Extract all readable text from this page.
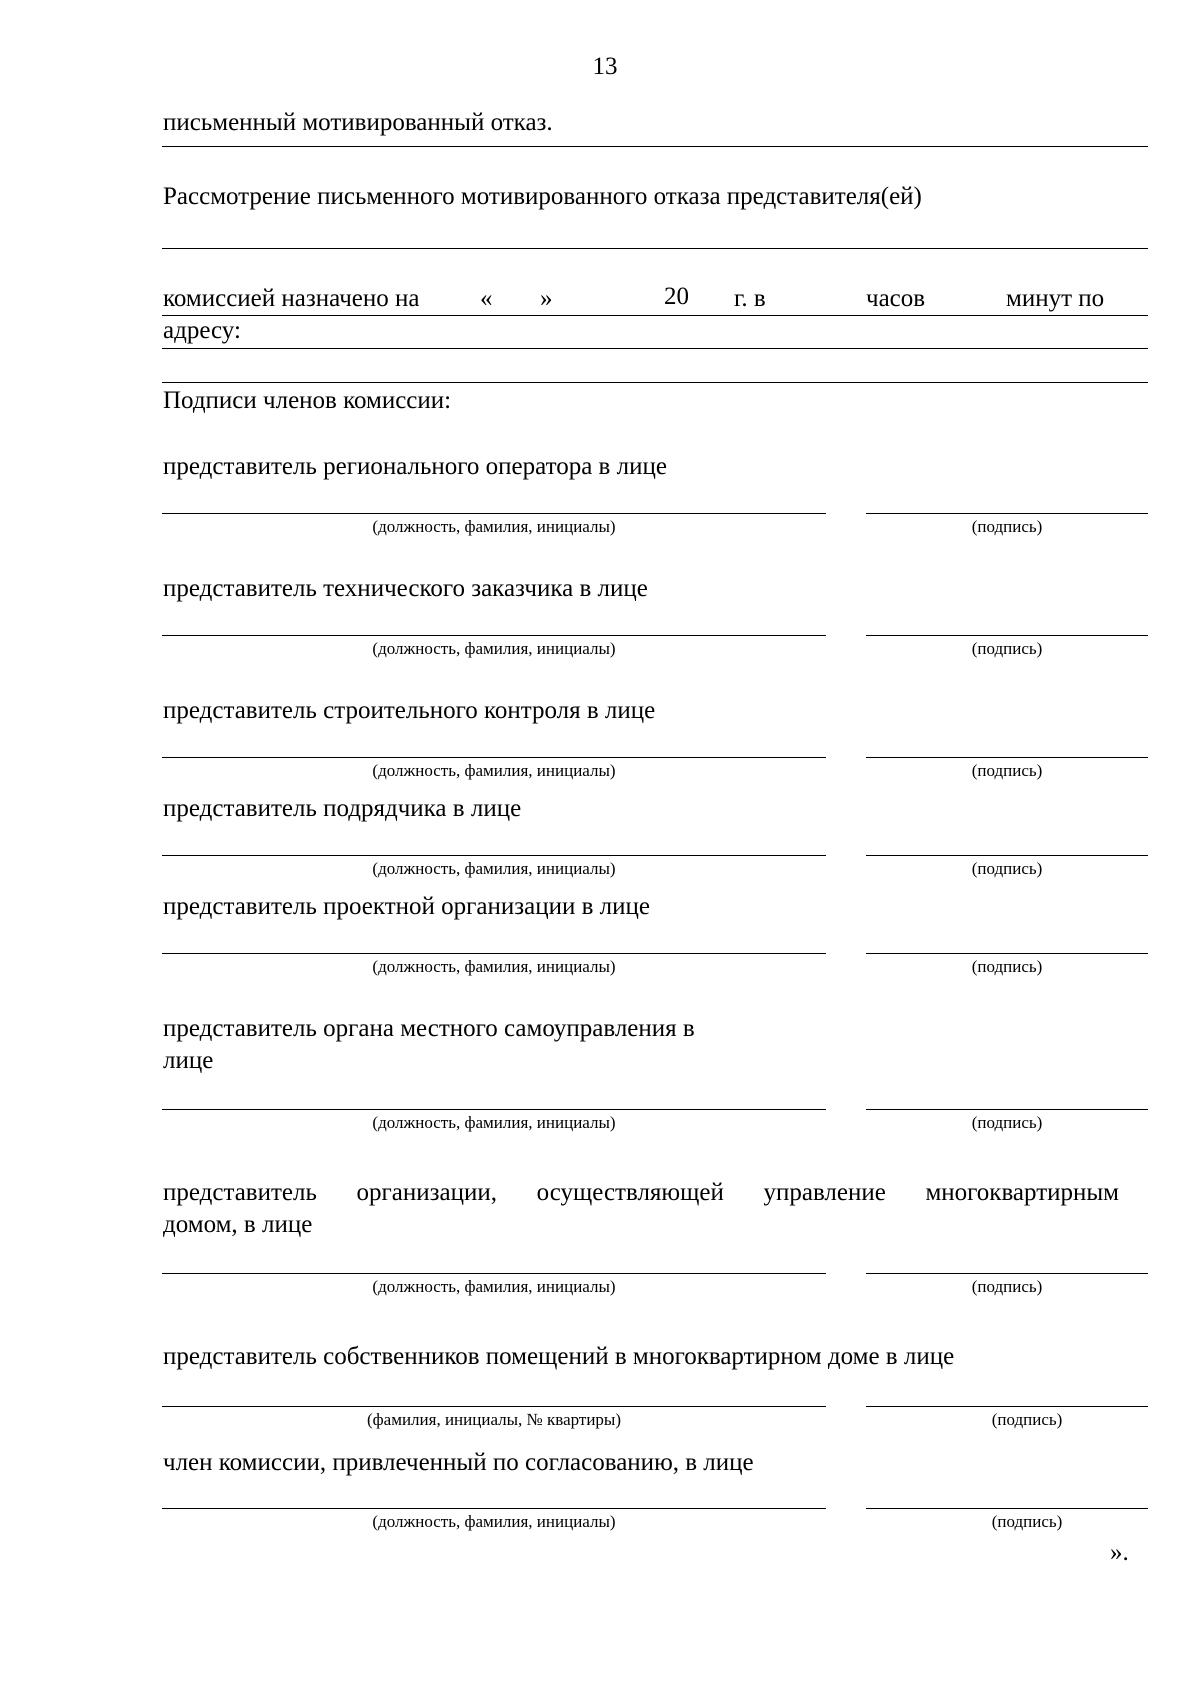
13
письменный мотивированный отказ.
Рассмотрение письменного мотивированного отказа представителя(ей)
комиссией назначено на « »	20 г. в	часов	минут по
адресу:
Подписи членов комиссии:
представитель регионального оператора в лице
(должность, фамилия, инициалы)	(подпись)
представитель технического заказчика в лице
(должность, фамилия, инициалы)	(подпись)
представитель строительного контроля в лице
(должность, фамилия, инициалы)	(подпись)
представитель подрядчика в лице
(должность, фамилия, инициалы)	(подпись)
представитель проектной организации в лице
(должность, фамилия, инициалы)	(подпись)
представитель органа местного самоуправления в
лице
(должность, фамилия, инициалы)	(подпись)
представитель организации, осуществляющей управление многоквартирным
домом, в лице
(должность, фамилия, инициалы)	(подпись)
представитель собственников помещений в многоквартирном доме в лице
(фамилия, инициалы, № квартиры)	(подпись)
член комиссии, привлеченный по согласованию, в лице
(должность, фамилия, инициалы)	(подпись)
».
